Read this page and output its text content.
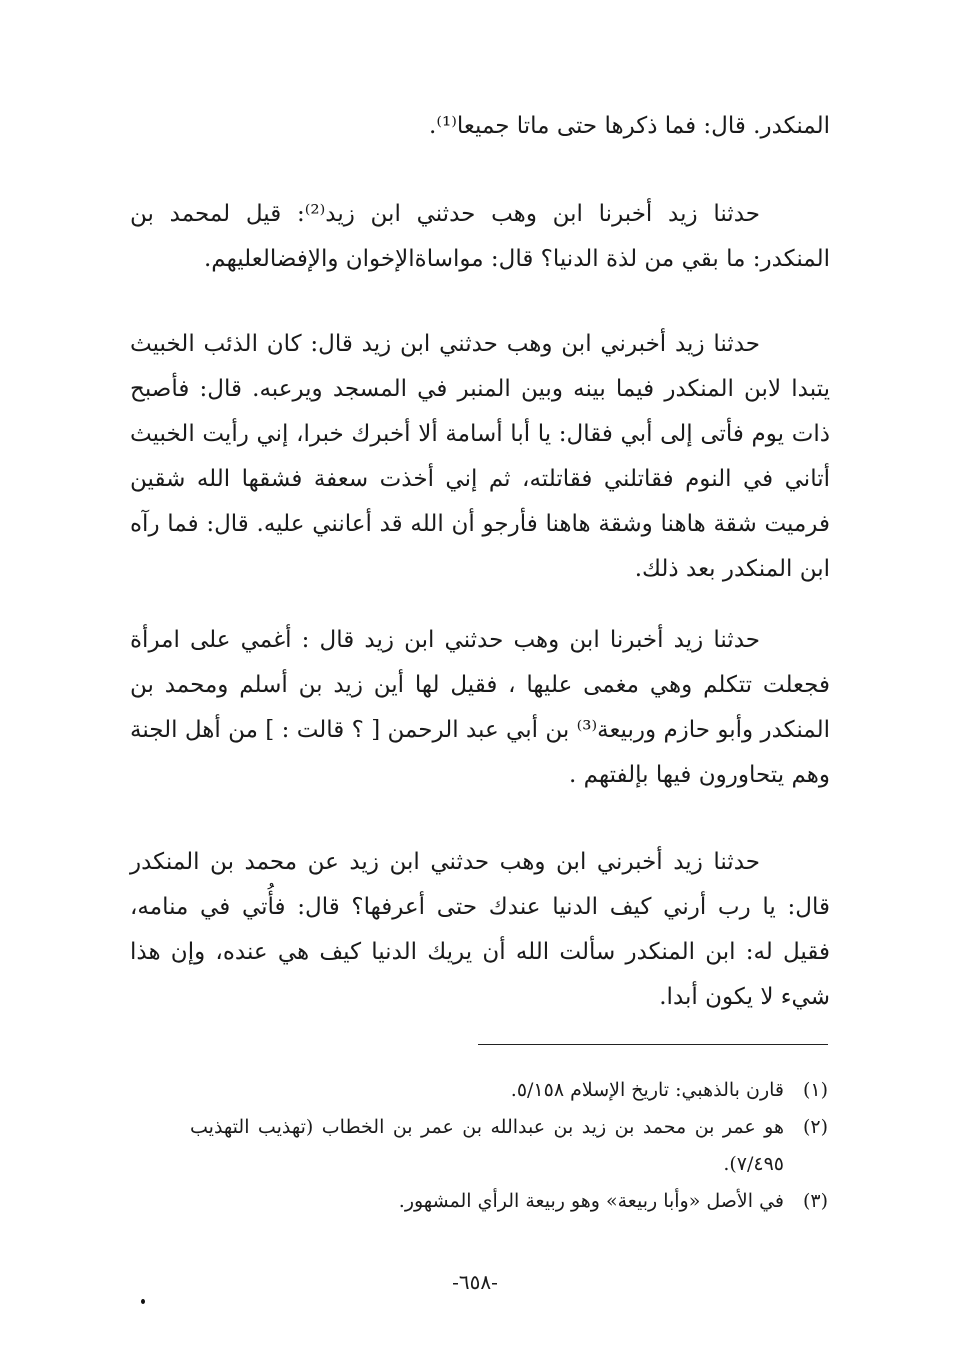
المنكدر. قال: فما ذكرها حتى ماتا جميعا⁽¹⁾.

حدثنا زيد أخبرنا ابن وهب حدثني ابن زيد⁽²⁾: قيل لمحمد بن المنكدر: ما بقي من لذة الدنيا؟ قال: مواساةالإخوان والإفضالعليهم.

حدثنا زيد أخبرني ابن وهب حدثني ابن زيد قال: كان الذئب الخبيث يتبدا لابن المنكدر فيما بينه وبين المنبر في المسجد ويرعبه. قال: فأصبح ذات يوم فأتى إلى أبي فقال: يا أبا أسامة ألا أخبرك خبرا، إني رأيت الخبيث أتاني في النوم فقاتلني فقاتلته، ثم إني أخذت سعفة فشقها الله شقين فرميت شقة هاهنا وشقة هاهنا فأرجو أن الله قد أعانني عليه. قال: فما رآه ابن المنكدر بعد ذلك.

حدثنا زيد أخبرنا ابن وهب حدثني ابن زيد قال : أغمي على امرأة فجعلت تتكلم وهي مغمى عليها ، فقيل لها أين زيد بن أسلم ومحمد بن المنكدر وأبو حازم وربيعة⁽³⁾ بن أبي عبد الرحمن [ ؟ قالت : ] من أهل الجنة وهم يتحاورون فيها بإلفتهم .

حدثنا زيد أخبرني ابن وهب حدثني ابن زيد عن محمد بن المنكدر قال: يا رب أرني كيف الدنيا عندك حتى أعرفها؟ قال: فأُتي في منامه، فقيل له: ابن المنكدر سألت الله أن يريك الدنيا كيف هي عنده، وإن هذا شيء لا يكون أبدا.

(١)
قارن بالذهبي: تاريخ الإسلام ٥/١٥٨.
(٢)
هو عمر بن محمد بن زيد بن عبدالله بن عمر بن الخطاب (تهذيب التهذيب ٧/٤٩٥).
(٣)
في الأصل «وأبا ربيعة» وهو ربيعة الرأي المشهور.
-٦٥٨-
